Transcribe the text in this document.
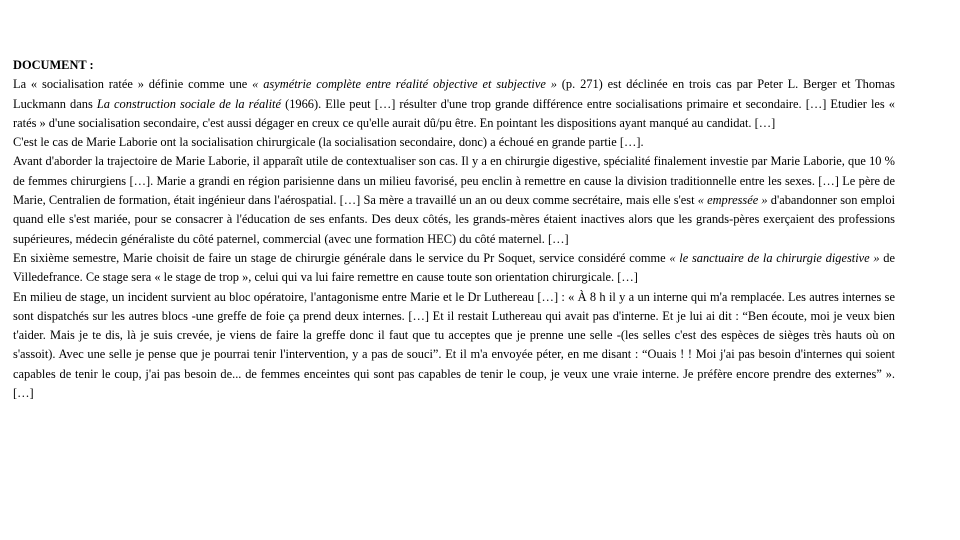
DOCUMENT :

La « socialisation ratée » définie comme une « asymétrie complète entre réalité objective et subjective » (p. 271) est déclinée en trois cas par Peter L. Berger et Thomas Luckmann dans La construction sociale de la réalité (1966). Elle peut […] résulter d'une trop grande différence entre socialisations primaire et secondaire. […] Etudier les « ratés » d'une socialisation secondaire, c'est aussi dégager en creux ce qu'elle aurait dû/pu être. En pointant les dispositions ayant manqué au candidat. […]

C'est le cas de Marie Laborie ont la socialisation chirurgicale (la socialisation secondaire, donc) a échoué en grande partie […].

Avant d'aborder la trajectoire de Marie Laborie, il apparaît utile de contextualiser son cas. Il y a en chirurgie digestive, spécialité finalement investie par Marie Laborie, que 10 % de femmes chirurgiens […]. Marie a grandi en région parisienne dans un milieu favorisé, peu enclin à remettre en cause la division traditionnelle entre les sexes. […] Le père de Marie, Centralien de formation, était ingénieur dans l'aérospatial. […] Sa mère a travaillé un an ou deux comme secrétaire, mais elle s'est « empressée » d'abandonner son emploi quand elle s'est mariée, pour se consacrer à l'éducation de ses enfants. Des deux côtés, les grands-mères étaient inactives alors que les grands-pères exerçaient des professions supérieures, médecin généraliste du côté paternel, commercial (avec une formation HEC) du côté maternel. […]

En sixième semestre, Marie choisit de faire un stage de chirurgie générale dans le service du Pr Soquet, service considéré comme « le sanctuaire de la chirurgie digestive » de Villedefrance. Ce stage sera « le stage de trop », celui qui va lui faire remettre en cause toute son orientation chirurgicale. […]

En milieu de stage, un incident survient au bloc opératoire, l'antagonisme entre Marie et le Dr Luthereau […] : « À 8 h il y a un interne qui m'a remplacée. Les autres internes se sont dispatchés sur les autres blocs -une greffe de foie ça prend deux internes. […] Et il restait Luthereau qui avait pas d'interne. Et je lui ai dit : “Ben écoute, moi je veux bien t'aider. Mais je te dis, là je suis crevée, je viens de faire la greffe donc il faut que tu acceptes que je prenne une selle -(les selles c'est des espèces de sièges très hauts où on s'assoit). Avec une selle je pense que je pourrai tenir l'intervention, y a pas de souci”. Et il m'a envoyée péter, en me disant : “Ouais ! ! Moi j'ai pas besoin d'internes qui soient capables de tenir le coup, j'ai pas besoin de... de femmes enceintes qui sont pas capables de tenir le coup, je veux une vraie interne. Je préfère encore prendre des externes” ». […]
